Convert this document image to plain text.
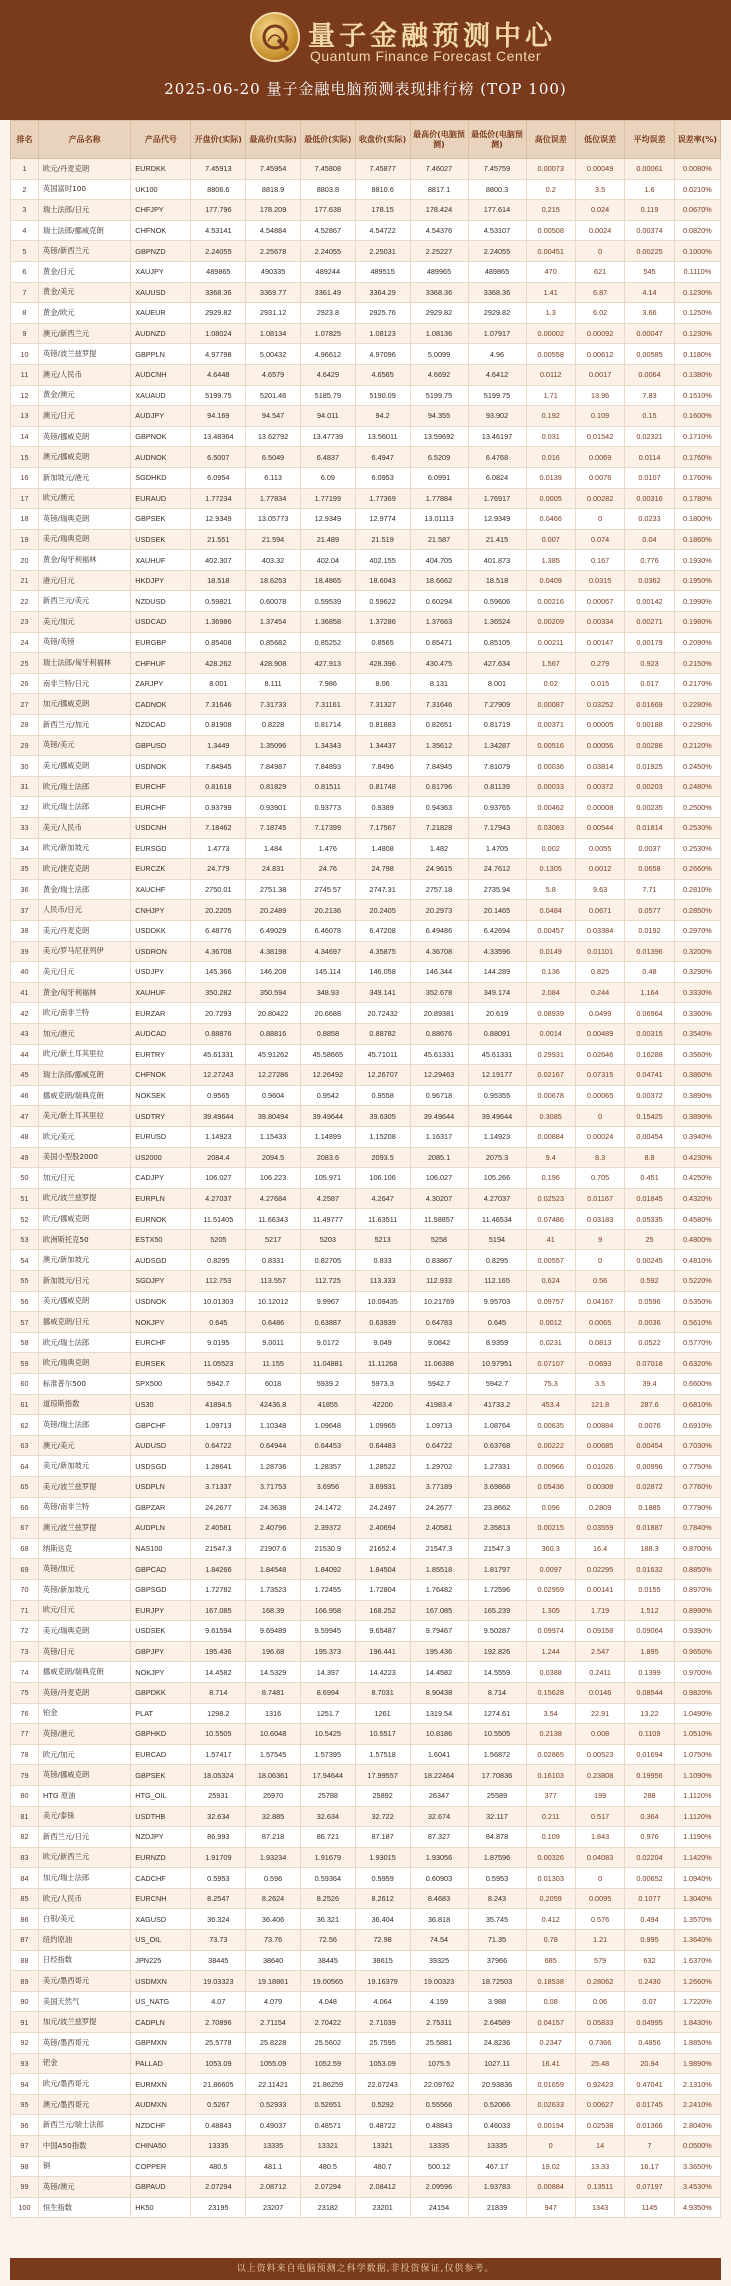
量子金融预测中心
Quantum Finance Forecast Center
2025-06-20 量子金融电脑预测表现排行榜 (TOP 100)
排名	产品名称	产品代号	开盘价(实际)	最高价(实际)	最低价(实际)	收盘价(实际)	最高价(电脑预测)	最低价(电脑预测)	高位误差	低位误差	平均误差	误差率(%)
1	欧元/丹麦克朗	EURDKK	7.45913	7.45954	7.45808	7.45877	7.46027	7.45759	0.00073	0.00049	0.00061	0.0080%
2	英国富时100	UK100	8806.6	8818.9	8803.8	8810.6	8817.1	8800.3	0.2	3.5	1.6	0.0210%
3	瑞士法郎/日元	CHFJPY	177.796	178.209	177.638	178.15	178.424	177.614	0.215	0.024	0.119	0.0670%
4	瑞士法郎/挪威克朗	CHFNOK	4.53141	4.54884	4.52867	4.54722	4.54376	4.53107	0.00508	0.0024	0.00374	0.0820%
5	英镑/新西兰元	GBPNZD	2.24055	2.25678	2.24055	2.25031	2.25227	2.24055	0.00451	0	0.00225	0.1000%
6	黄金/日元	XAUJPY	489865	490335	489244	489515	489965	489865	470	621	545	0.1110%
7	黄金/美元	XAUUSD	3368.36	3369.77	3361.49	3364.29	3368.36	3368.36	1.41	6.87	4.14	0.1230%
8	黄金/欧元	XAUEUR	2929.82	2931.12	2923.8	2925.76	2929.82	2929.82	1.3	6.02	3.66	0.1250%
9	澳元/新西兰元	AUDNZD	1.08024	1.08134	1.07825	1.08123	1.08136	1.07917	0.00002	0.00092	0.00047	0.1230%
10	英镑/波兰兹罗提	GBPPLN	4.97798	5.00432	4.96612	4.97096	5.0099	4.96	0.00558	0.00612	0.00585	0.1180%
11	澳元/人民币	AUDCNH	4.6448	4.6579	4.6429	4.6565	4.6692	4.6412	0.0112	0.0017	0.0064	0.1380%
12	黄金/澳元	XAUAUD	5199.75	5201.46	5185.79	5190.09	5199.75	5199.75	1.71	13.96	7.83	0.1510%
13	澳元/日元	AUDJPY	94.169	94.547	94.011	94.2	94.355	93.902	0.192	0.109	0.15	0.1600%
14	英镑/挪威克朗	GBPNOK	13.48364	13.62792	13.47739	13.56011	13.59692	13.46197	0.031	0.01542	0.02321	0.1710%
15	澳元/挪威克朗	AUDNOK	6.5007	6.5049	6.4837	6.4947	6.5209	6.4768	0.016	0.0069	0.0114	0.1760%
16	新加坡元/港元	SGDHKD	6.0954	6.113	6.09	6.0953	6.0991	6.0824	0.0139	0.0076	0.0107	0.1760%
17	欧元/澳元	EURAUD	1.77234	1.77834	1.77199	1.77369	1.77884	1.76917	0.0005	0.00282	0.00316	0.1780%
18	英镑/瑞典克朗	GBPSEK	12.9349	13.05773	12.9349	12.9774	13.01113	12.9349	0.0466	0	0.0233	0.1800%
19	美元/瑞典克朗	USDSEK	21.551	21.594	21.489	21.519	21.587	21.415	0.007	0.074	0.04	0.1860%
20	黄金/匈牙利福林	XAUHUF	402.307	403.32	402.04	402.155	404.705	401.873	1.385	0.167	0.776	0.1930%
21	港元/日元	HKDJPY	18.518	18.6253	18.4865	18.6043	18.6662	18.518	0.0409	0.0315	0.0362	0.1950%
22	新西兰元/美元	NZDUSD	0.59821	0.60078	0.59539	0.59622	0.60294	0.59606	0.00216	0.00067	0.00142	0.1990%
23	美元/加元	USDCAD	1.36986	1.37454	1.36858	1.37286	1.37663	1.36524	0.00209	0.00334	0.00271	0.1980%
24	英镑/英镑	EURGBP	0.85408	0.85682	0.85252	0.8565	0.85471	0.85105	0.00211	0.00147	0.00179	0.2090%
25	瑞士法郎/匈牙利福林	CHFHUF	428.262	428.908	427.913	428.396	430.475	427.634	1.567	0.279	0.923	0.2150%
26	南非兰特/日元	ZARJPY	8.001	8.111	7.986	8.06	8.131	8.001	0.02	0.015	0.017	0.2170%
27	加元/挪威克朗	CADNOK	7.31646	7.31733	7.31161	7.31327	7.31646	7.27909	0.00087	0.03252	0.01669	0.2280%
28	新西兰元/加元	NZDCAD	0.81908	0.8228	0.81714	0.81883	0.82651	0.81719	0.00371	0.00005	0.00188	0.2290%
29	英镑/美元	GBPUSD	1.3449	1.35096	1.34343	1.34437	1.35612	1.34287	0.00516	0.00056	0.00286	0.2120%
30	美元/挪威克朗	USDNOK	7.84945	7.84987	7.84893	7.8496	7.84945	7.81079	0.00036	0.03814	0.01925	0.2450%
31	欧元/瑞士法郎	EURCHF	0.81618	0.81829	0.81511	0.81748	0.81796	0.81139	0.00033	0.00372	0.00203	0.2480%
32	欧元/瑞士法郎	EURCHF	0.93799	0.93901	0.93773	0.9389	0.94363	0.93765	0.00462	0.00008	0.00235	0.2500%
33	美元/人民币	USDCNH	7.18462	7.18745	7.17399	7.17567	7.21828	7.17943	0.03083	0.00544	0.01814	0.2530%
34	欧元/新加坡元	EURSGD	1.4773	1.484	1.476	1.4808	1.482	1.4705	0.002	0.0055	0.0037	0.2530%
35	欧元/捷克克朗	EURCZK	24.779	24.831	24.76	24.798	24.9615	24.7612	0.1305	0.0012	0.0658	0.2660%
36	黄金/瑞士法郎	XAUCHF	2750.01	2751.38	2745.57	2747.31	2757.18	2735.94	5.8	9.63	7.71	0.2810%
37	人民币/日元	CNHJPY	20.2205	20.2489	20.2136	20.2405	20.2973	20.1465	0.0484	0.0671	0.0577	0.2850%
38	美元/丹麦克朗	USDDKK	6.48776	6.49029	6.46078	6.47208	6.49486	6.42694	0.00457	0.03384	0.0192	0.2970%
39	美元/罗马尼亚列伊	USDRON	4.36708	4.38198	4.34697	4.35875	4.36708	4.33596	0.0149	0.01101	0.01396	0.3200%
40	美元/日元	USDJPY	145.366	146.208	145.114	146.058	146.344	144.289	0.136	0.825	0.48	0.3290%
41	黄金/匈牙利福林	XAUHUF	350.282	350.594	348.93	349.141	352.678	349.174	2.084	0.244	1.164	0.3330%
42	欧元/南非兰特	EURZAR	20.7293	20.80422	20.6688	20.72432	20.89381	20.619	0.08939	0.0499	0.06964	0.3360%
43	加元/港元	AUDCAD	0.88876	0.88816	0.8858	0.88782	0.88676	0.88091	0.0014	0.00489	0.00315	0.3540%
44	欧元/新土耳其里拉	EURTRY	45.61331	45.91262	45.58665	45.71011	45.61331	45.61331	0.29931	0.02646	0.16288	0.3560%
45	瑞士法郎/挪威克朗	CHFNOK	12.27243	12.27286	12.26492	12.26707	12.29463	12.19177	0.02167	0.07315	0.04741	0.3860%
46	挪威克朗/瑞典克朗	NOKSEK	0.9565	0.9604	0.9542	0.9558	0.96718	0.95355	0.00678	0.00065	0.00372	0.3890%
47	美元/新土耳其里拉	USDTRY	39.49644	39.80494	39.49644	39.6305	39.49644	39.49644	0.3085	0	0.15425	0.3890%
48	欧元/美元	EURUSD	1.14923	1.15433	1.14899	1.15208	1.16317	1.14923	0.00884	0.00024	0.00454	0.3940%
49	美国小型股2000	US2000	2084.4	2094.5	2083.6	2093.5	2085.1	2075.3	9.4	8.3	8.8	0.4230%
50	加元/日元	CADJPY	106.027	106.223	105.971	106.106	106.027	105.266	0.196	0.705	0.451	0.4250%
51	欧元/波兰兹罗提	EURPLN	4.27037	4.27684	4.2587	4.2647	4.30207	4.27037	0.02523	0.01167	0.01845	0.4320%
52	欧元/挪威克朗	EURNOK	11.51405	11.66343	11.49777	11.63511	11.58857	11.46534	0.07486	0.03183	0.05335	0.4580%
53	欧洲斯托克50	ESTX50	5205	5217	5203	5213	5258	5194	41	9	25	0.4800%
54	澳元/新加坡元	AUDSGD	0.8295	0.8331	0.82705	0.833	0.83867	0.8295	0.00557	0	0.00245	0.4810%
55	新加坡元/日元	SGDJPY	112.753	113.557	112.725	113.333	112.933	112.165	0.624	0.56	0.592	0.5220%
56	美元/挪威克朗	USDNOK	10.01303	10.12012	9.9967	10.09435	10.21769	9.95703	0.09757	0.04167	0.0596	0.5350%
57	挪威克朗/日元	NOKJPY	0.645	0.6486	0.63887	0.63939	0.64783	0.645	0.0012	0.0065	0.0036	0.5610%
58	欧元/瑞士法郎	EURCHF	9.0195	9.0011	9.0172	9.049	9.0842	8.9359	0.0231	0.0813	0.0522	0.5770%
59	欧元/瑞典克朗	EURSEK	11.05523	11.155	11.04881	11.11268	11.06388	10.97951	0.07107	0.0693	0.07018	0.6320%
60	标准普尔500	SPX500	5942.7	6018	5939.2	5973.3	5942.7	5942.7	75.3	3.5	39.4	0.6600%
61	道琼斯指数	US30	41894.5	42436.8	41855	42200	41983.4	41733.2	453.4	121.8	287.6	0.6810%
62	英镑/瑞士法郎	GBPCHF	1.09713	1.10348	1.09648	1.09965	1.09713	1.08764	0.00635	0.00884	0.0076	0.6910%
63	澳元/美元	AUDUSD	0.64722	0.64944	0.64453	0.64483	0.64722	0.63768	0.00222	0.00685	0.00454	0.7030%
64	美元/新加坡元	USDSGD	1.28641	1.28736	1.28357	1.28522	1.29702	1.27331	0.00966	0.01026	0.00996	0.7750%
65	美元/波兰兹罗提	USDPLN	3.71337	3.71753	3.6956	3.69931	3.77189	3.69868	0.05436	0.00308	0.02872	0.7760%
66	英镑/南非兰特	GBPZAR	24.2677	24.3638	24.1472	24.2497	24.2677	23.8662	0.096	0.2809	0.1885	0.7790%
67	澳元/波兰兹罗提	AUDPLN	2.40581	2.40796	2.39372	2.40694	2.40581	2.35813	0.00215	0.03559	0.01887	0.7840%
68	纳斯达克	NAS100	21547.3	21907.6	21530.9	21652.4	21547.3	21547.3	360.3	16.4	188.3	0.8700%
69	英镑/加元	GBPCAD	1.84266	1.84548	1.84092	1.84504	1.85518	1.81797	0.0097	0.02295	0.01632	0.8850%
70	英镑/新加坡元	GBPSGD	1.72782	1.73523	1.72455	1.72804	1.76482	1.72596	0.02959	0.00141	0.0155	0.8970%
71	欧元/日元	EURJPY	167.085	168.39	166.958	168.252	167.085	165.239	1.305	1.719	1.512	0.8990%
72	美元/瑞典克朗	USDSEK	9.61594	9.69489	9.59945	9.65487	9.79467	9.50287	0.09974	0.09158	0.09064	0.9390%
73	英镑/日元	GBPJPY	195.436	196.68	195.373	196.441	195.436	192.826	1.244	2.547	1.895	0.9650%
74	挪威克朗/瑞典克朗	NOKJPY	14.4582	14.5329	14.397	14.4223	14.4582	14.5559	0.0388	0.2411	0.1399	0.9700%
75	英镑/丹麦克朗	GBPDKK	8.714	8.7481	8.6994	8.7031	8.90438	8.714	0.15628	0.0146	0.08544	0.9820%
76	铂金	PLAT	1298.2	1316	1251.7	1261	1319.54	1274.61	3.54	22.91	13.22	1.0490%
77	英镑/港元	GBPHKD	10.5505	10.6048	10.5425	10.5517	10.8186	10.5505	0.2138	0.008	0.1109	1.0510%
78	欧元/加元	EURCAD	1.57417	1.57545	1.57395	1.57518	1.6041	1.56872	0.02865	0.00523	0.01694	1.0750%
79	英镑/挪威克朗	GBPSEK	18.05324	18.06361	17.94644	17.99557	18.22464	17.70836	0.16103	0.23808	0.19956	1.1090%
80	HTG 原油	HTG_OIL	25931	25970	25788	25892	26347	25589	377	199	288	1.1120%
81	美元/泰铢	USDTHB	32.634	32.885	32.634	32.722	32.674	32.117	0.211	0.517	0.364	1.1120%
82	新西兰元/日元	NZDJPY	86.993	87.218	86.721	87.187	87.327	84.878	0.109	1.843	0.976	1.1190%
83	欧元/新西兰元	EURNZD	1.91709	1.93234	1.91679	1.93015	1.93056	1.87596	0.00326	0.04083	0.02204	1.1420%
84	加元/瑞士法郎	CADCHF	0.5953	0.596	0.59364	0.5959	0.60903	0.5953	0.01303	0	0.00652	1.0940%
85	欧元/人民币	EURCNH	8.2547	8.2624	8.2526	8.2612	8.4683	8.243	0.2059	0.0095	0.1077	1.3040%
86	白银/美元	XAGUSD	36.324	36.406	36.321	36.404	36.818	35.745	0.412	0.576	0.494	1.3570%
87	纽约原油	US_OIL	73.73	73.76	72.56	72.98	74.54	71.35	0.78	1.21	0.995	1.3640%
88	日经指数	JPN225	38445	38640	38445	38615	39325	37966	685	579	632	1.6370%
89	美元/墨西哥元	USDMXN	19.03323	19.18861	19.00565	19.16379	19.00323	18.72503	0.18538	0.28062	0.2430	1.2660%
90	美国天然气	US_NATG	4.07	4.079	4.048	4.064	4.159	3.988	0.08	0.06	0.07	1.7220%
91	加元/波兰兹罗提	CADPLN	2.70896	2.71154	2.70422	2.71039	2.75311	2.64589	0.04157	0.05833	0.04995	1.8430%
92	英镑/墨西哥元	GBPMXN	25.5778	25.8228	25.5602	25.7595	25.5881	24.8236	0.2347	0.7366	0.4856	1.8850%
93	钯金	PALLAD	1053.09	1055.09	1052.59	1053.09	1075.5	1027.11	16.41	25.48	20.94	1.9890%
94	欧元/墨西哥元	EURMXN	21.86605	22.11421	21.86259	22.07243	22.09762	20.93836	0.01659	0.92423	0.47041	2.1310%
95	澳元/墨西哥元	AUDMXN	0.5267	0.52933	0.52651	0.5292	0.55566	0.52066	0.02633	0.00627	0.01745	2.2410%
96	新西兰元/瑞士法郎	NZDCHF	0.48843	0.49037	0.48571	0.48722	0.48843	0.46033	0.00194	0.02538	0.01366	2.8040%
97	中国A50指数	CHINA50	13335	13335	13321	13321	13335	13335	0	14	7	0.0500%
98	铜	COPPER	480.5	481.1	480.5	480.7	500.12	467.17	19.02	13.33	16.17	3.3650%
99	英镑/澳元	GBPAUD	2.07294	2.08712	2.07294	2.08412	2.09596	1.93783	0.00884	0.13511	0.07197	3.4530%
100	恒生指数	HK50	23195	23207	23182	23201	24154	21839	947	1343	1145	4.9350%
以上资料来自电脑预测之科学数据,非投资保证,仅供参考。
